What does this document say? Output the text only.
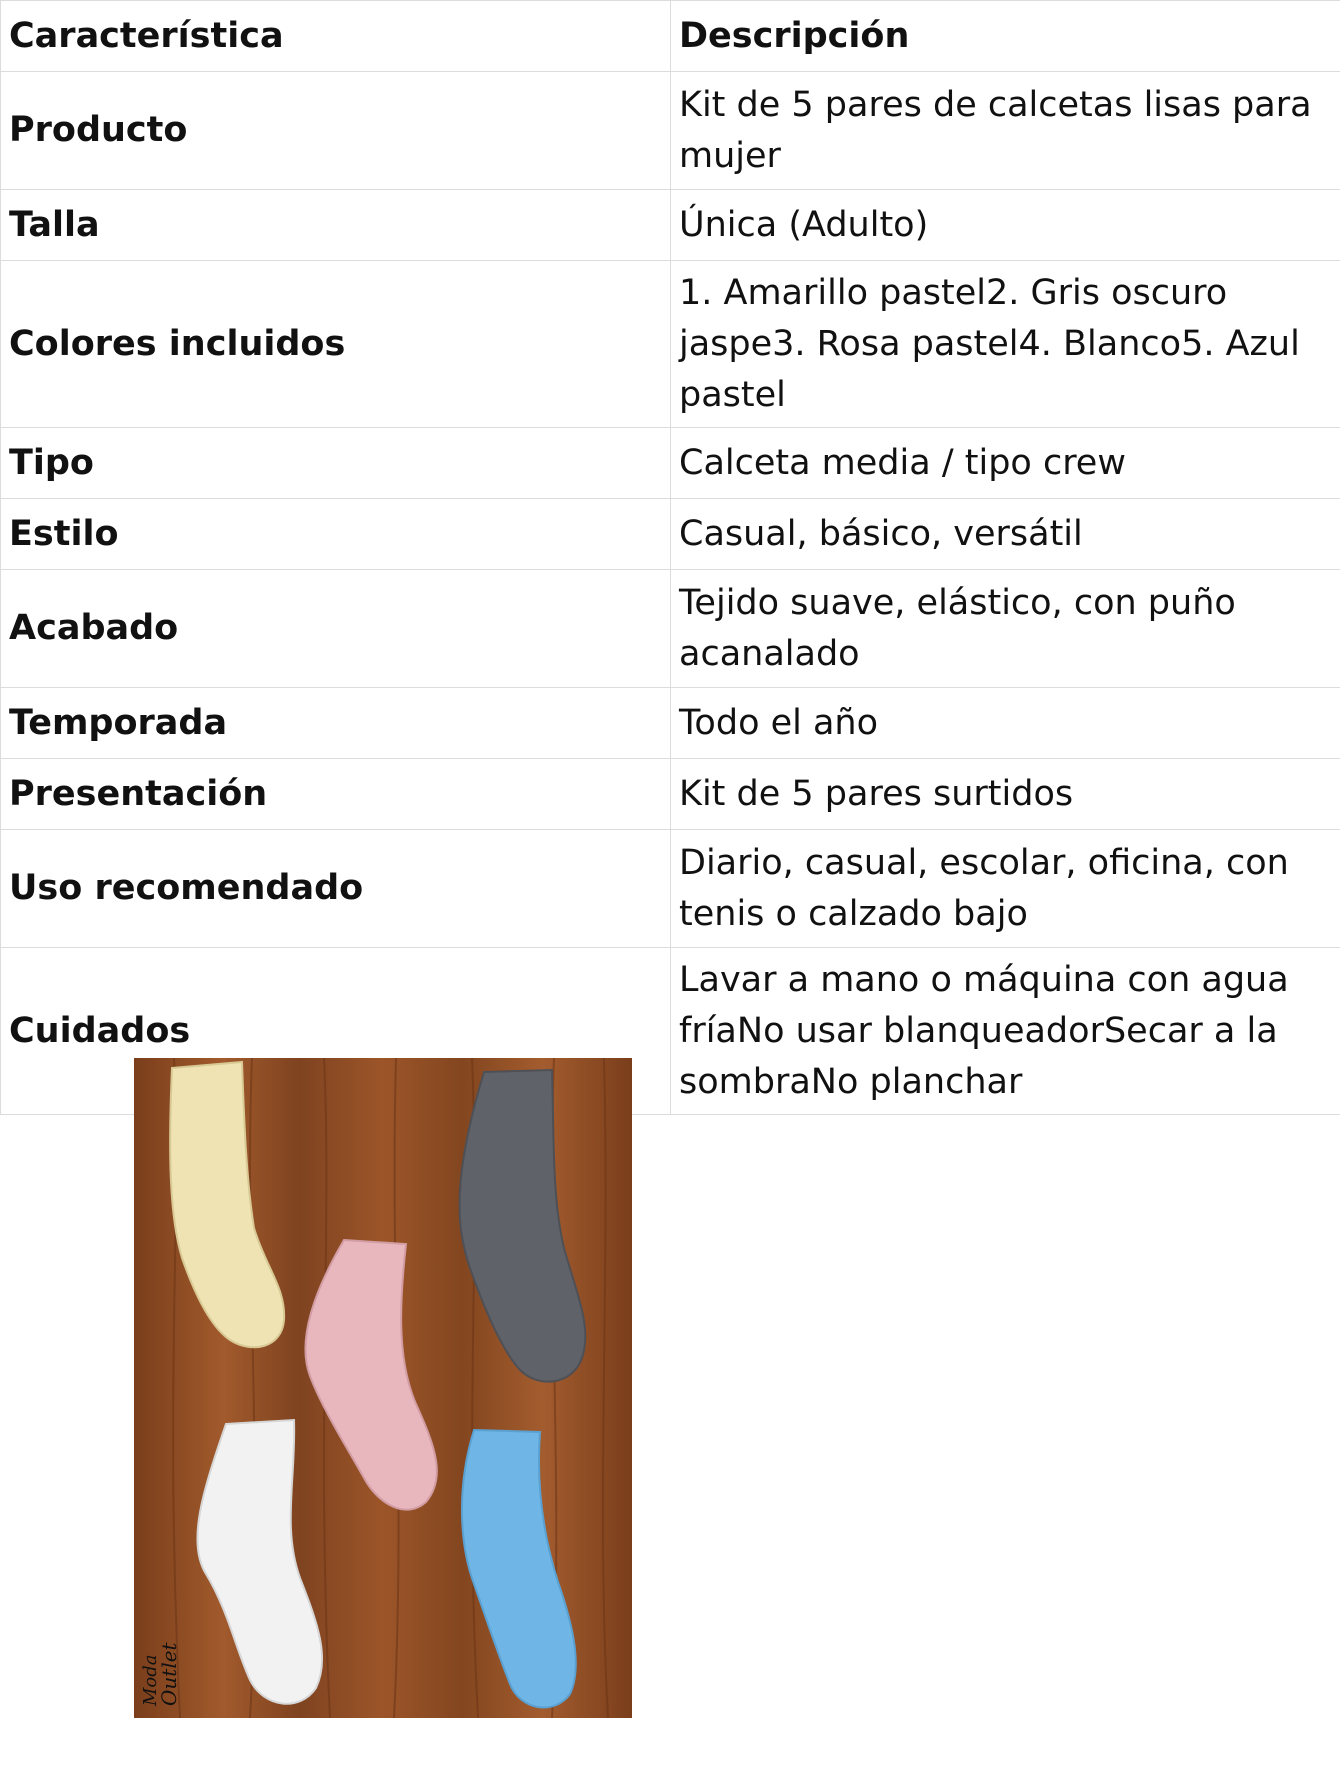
Característica	Descripción
Producto	Kit de 5 pares de calcetas lisas para mujer
Talla	Única (Adulto)
Colores incluidos	1. Amarillo pastel2. Gris oscuro jaspe3. Rosa pastel4. Blanco5. Azul pastel
Tipo	Calceta media / tipo crew
Estilo	Casual, básico, versátil
Acabado	Tejido suave, elástico, con puño acanalado
Temporada	Todo el año
Presentación	Kit de 5 pares surtidos
Uso recomendado	Diario, casual, escolar, oficina, con tenis o calzado bajo
Cuidados	Lavar a mano o máquina con agua fríaNo usar blanqueadorSecar a la sombraNo planchar
Moda
Outlet
